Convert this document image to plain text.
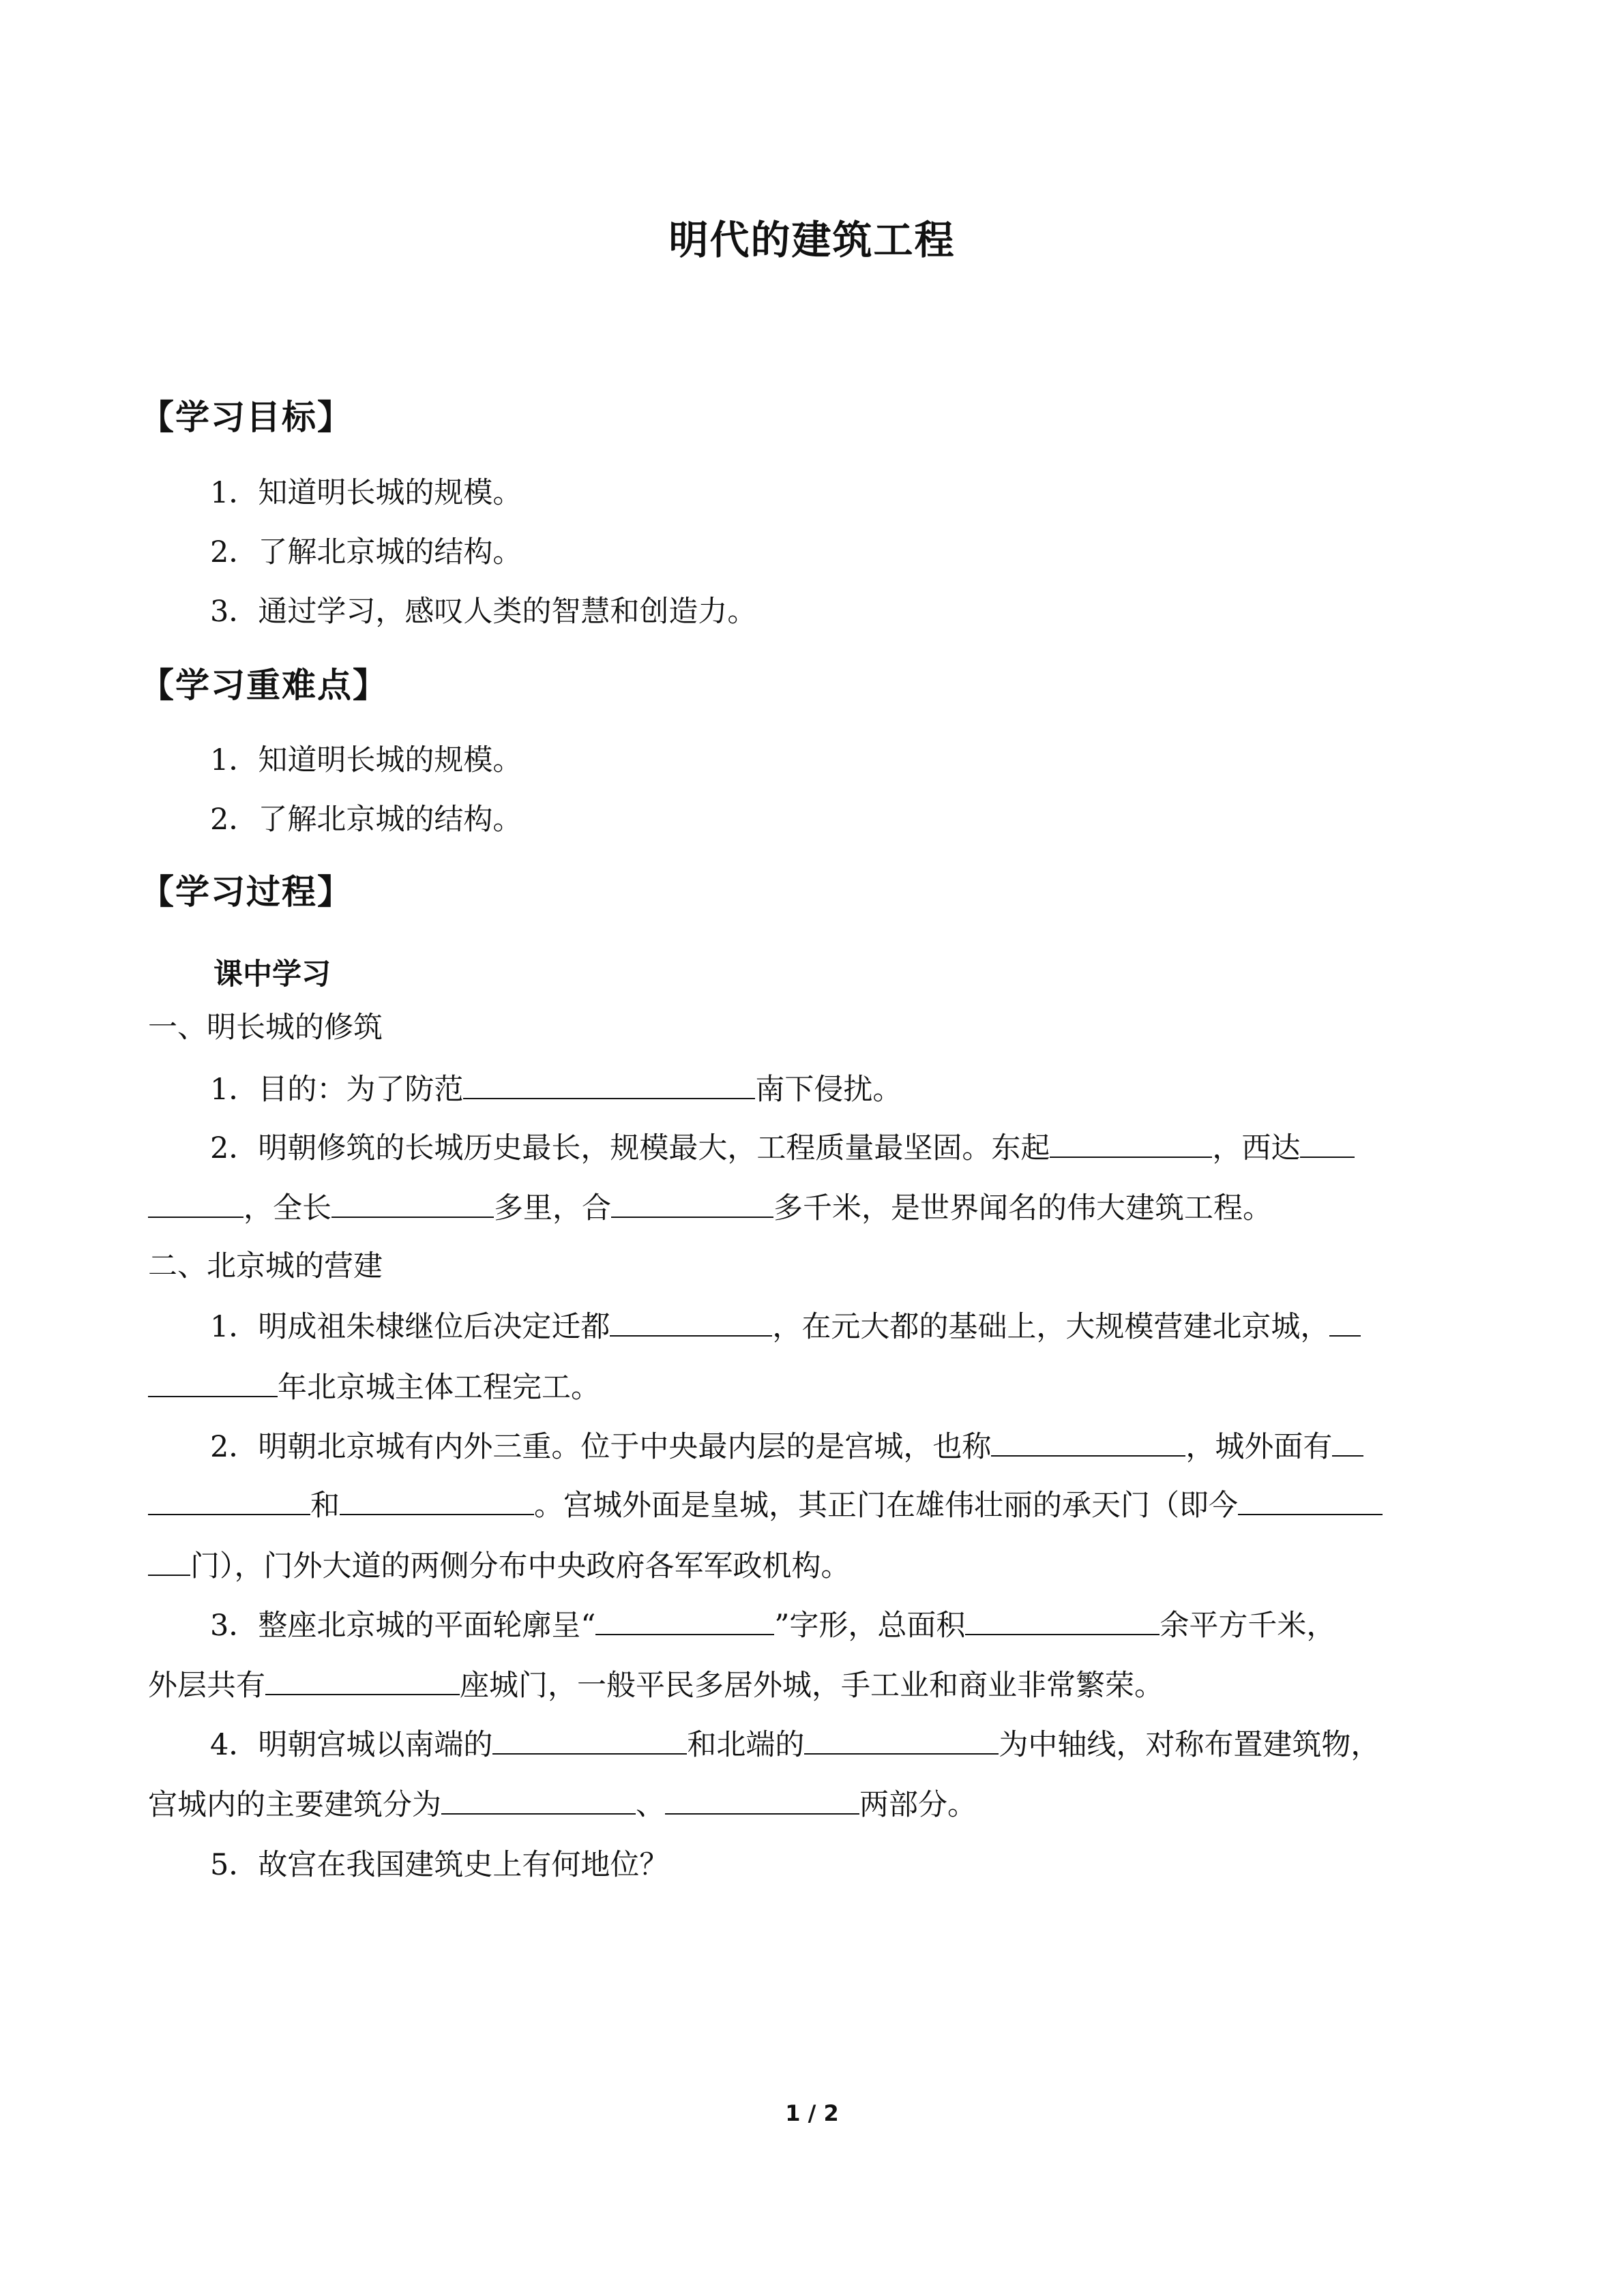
明代的建筑工程
【学习目标】
1．知道明长城的规模。
2．了解北京城的结构。
3．通过学习，感叹人类的智慧和创造力。
【学习重难点】
1．知道明长城的规模。
2．了解北京城的结构。
【学习过程】
课中学习
一、明长城的修筑
1．目的：为了防范	南下侵扰。
2．明朝修筑的长城历史最长，规模最大，工程质量最坚固。东起	，西达
，全长	多里，合	多千米，是世界闻名的伟大建筑工程。
二、北京城的营建
1．明成祖朱棣继位后决定迁都	，在元大都的基础上，大规模营建北京城，
年北京城主体工程完工。
2．明朝北京城有内外三重。位于中央最内层的是宫城，也称	，城外面有
和	。宫城外面是皇城，其正门在雄伟壮丽的承天门（即今
门），门外大道的两侧分布中央政府各军军政机构。
3．整座北京城的平面轮廓呈“	”字形，总面积	余平方千米，
外层共有	座城门，一般平民多居外城，手工业和商业非常繁荣。
4．明朝宫城以南端的	和北端的	为中轴线，对称布置建筑物，
宫城内的主要建筑分为	、	两部分。
5．故宫在我国建筑史上有何地位？
1 / 2
